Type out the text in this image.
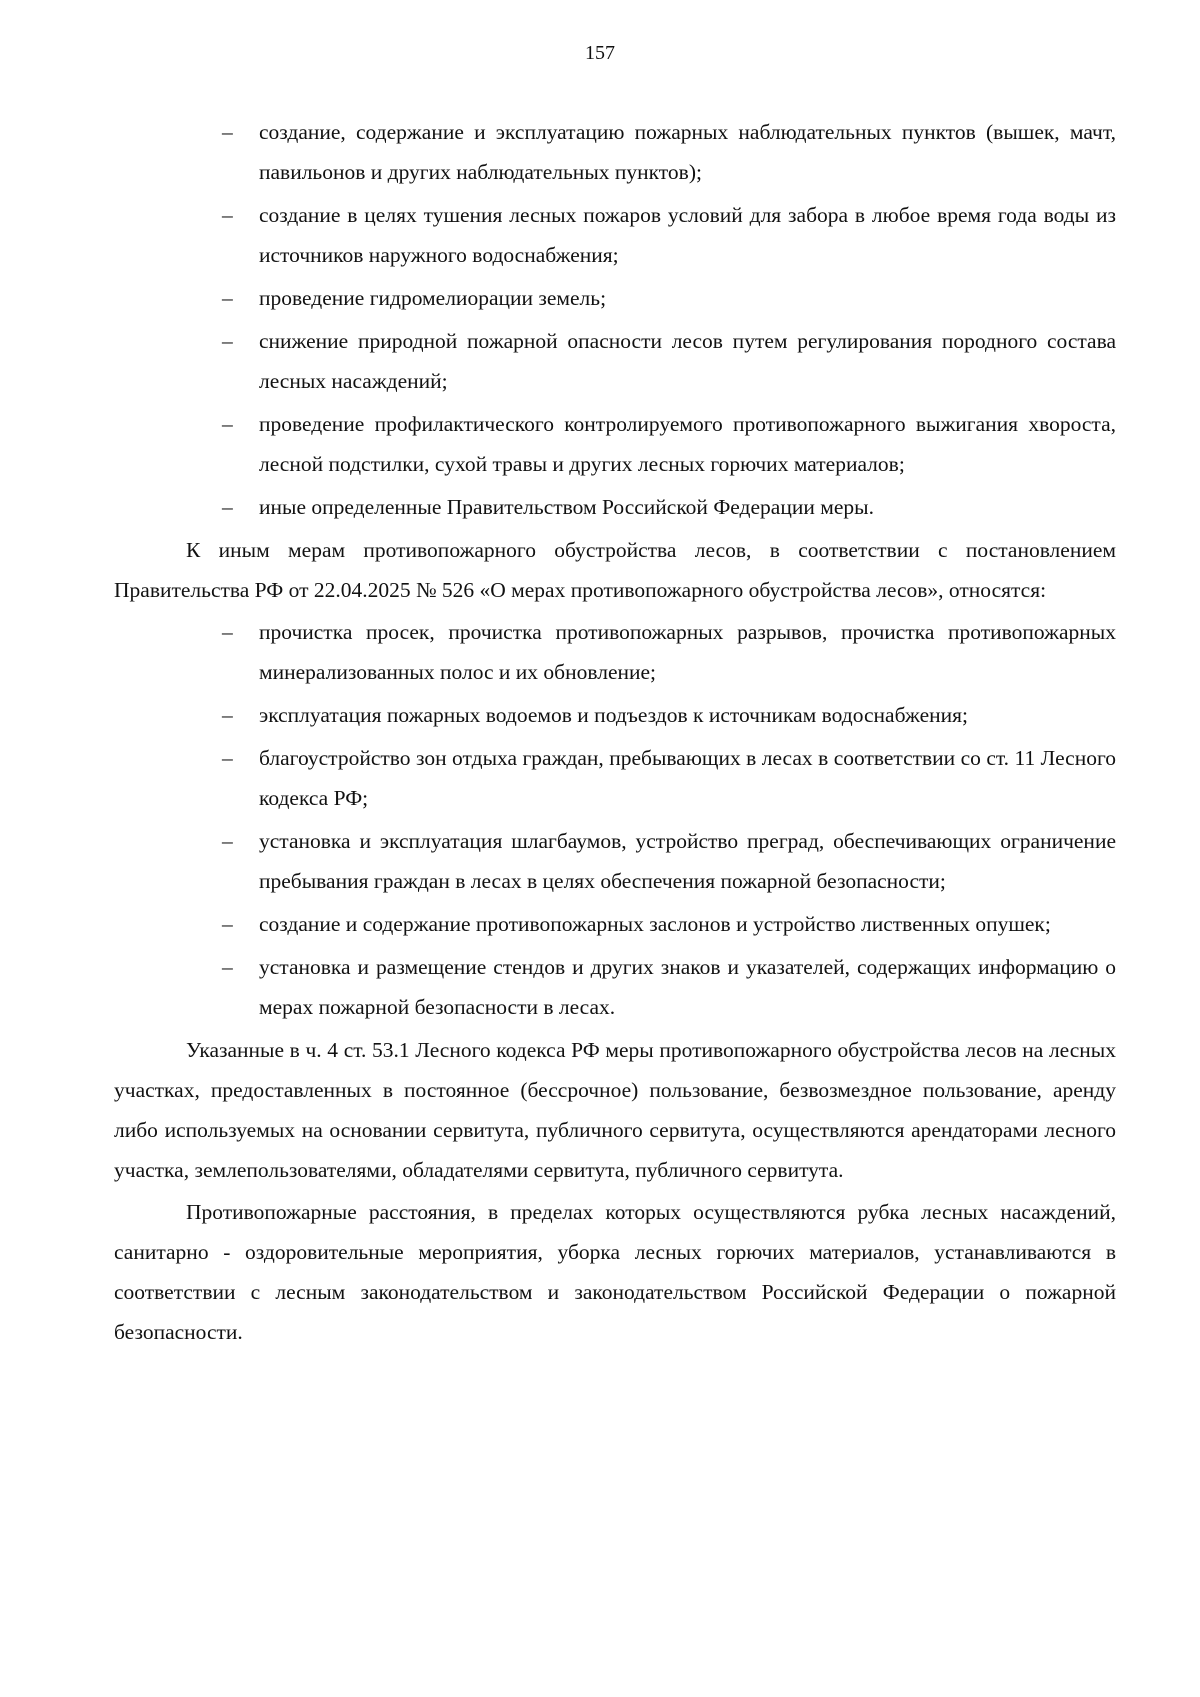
157
– создание, содержание и эксплуатацию пожарных наблюдательных пунктов (вышек, мачт, павильонов и других наблюдательных пунктов);
– создание в целях тушения лесных пожаров условий для забора в любое время года воды из источников наружного водоснабжения;
– проведение гидромелиорации земель;
– снижение природной пожарной опасности лесов путем регулирования породного состава лесных насаждений;
– проведение профилактического контролируемого противопожарного выжигания хвороста, лесной подстилки, сухой травы и других лесных горючих материалов;
– иные определенные Правительством Российской Федерации меры.

К иным мерам противопожарного обустройства лесов, в соответствии с постановлением Правительства РФ от 22.04.2025 № 526 «О мерах противопожарного обустройства лесов», относятся:

– прочистка просек, прочистка противопожарных разрывов, прочистка противопожарных минерализованных полос и их обновление;
– эксплуатация пожарных водоемов и подъездов к источникам водоснабжения;
– благоустройство зон отдыха граждан, пребывающих в лесах в соответствии со ст. 11 Лесного кодекса РФ;
– установка и эксплуатация шлагбаумов, устройство преград, обеспечивающих ограничение пребывания граждан в лесах в целях обеспечения пожарной безопасности;
– создание и содержание противопожарных заслонов и устройство лиственных опушек;
– установка и размещение стендов и других знаков и указателей, содержащих информацию о мерах пожарной безопасности в лесах.

Указанные в ч. 4 ст. 53.1 Лесного кодекса РФ меры противопожарного обустройства лесов на лесных участках, предоставленных в постоянное (бессрочное) пользование, безвозмездное пользование, аренду либо используемых на основании сервитута, публичного сервитута, осуществляются арендаторами лесного участка, землепользователями, обладателями сервитута, публичного сервитута.

Противопожарные расстояния, в пределах которых осуществляются рубка лесных насаждений, санитарно - оздоровительные мероприятия, уборка лесных горючих материалов, устанавливаются в соответствии с лесным законодательством и законодательством Российской Федерации о пожарной безопасности.
